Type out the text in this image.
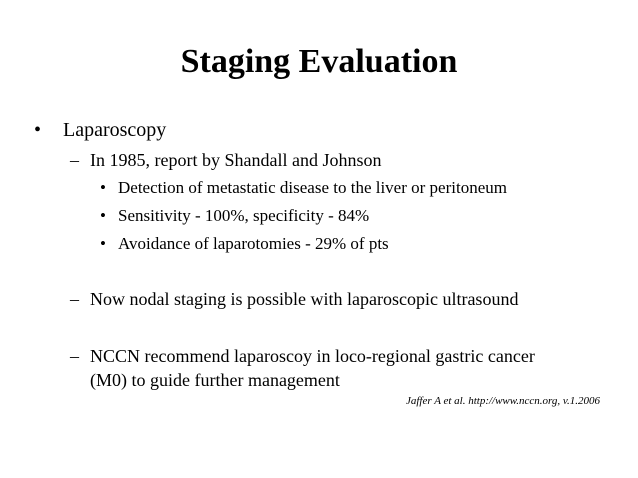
Staging Evaluation
• Laparoscopy
– In 1985, report by Shandall and Johnson
• Detection of metastatic disease to the liver or peritoneum
• Sensitivity - 100%, specificity - 84%
• Avoidance of laparotomies - 29% of pts
– Now nodal staging is possible with laparoscopic ultrasound
– NCCN recommend laparoscoy in loco-regional gastric cancer
(M0) to guide further management
Jaffer A et al. http://www.nccn.org, v.1.2006
